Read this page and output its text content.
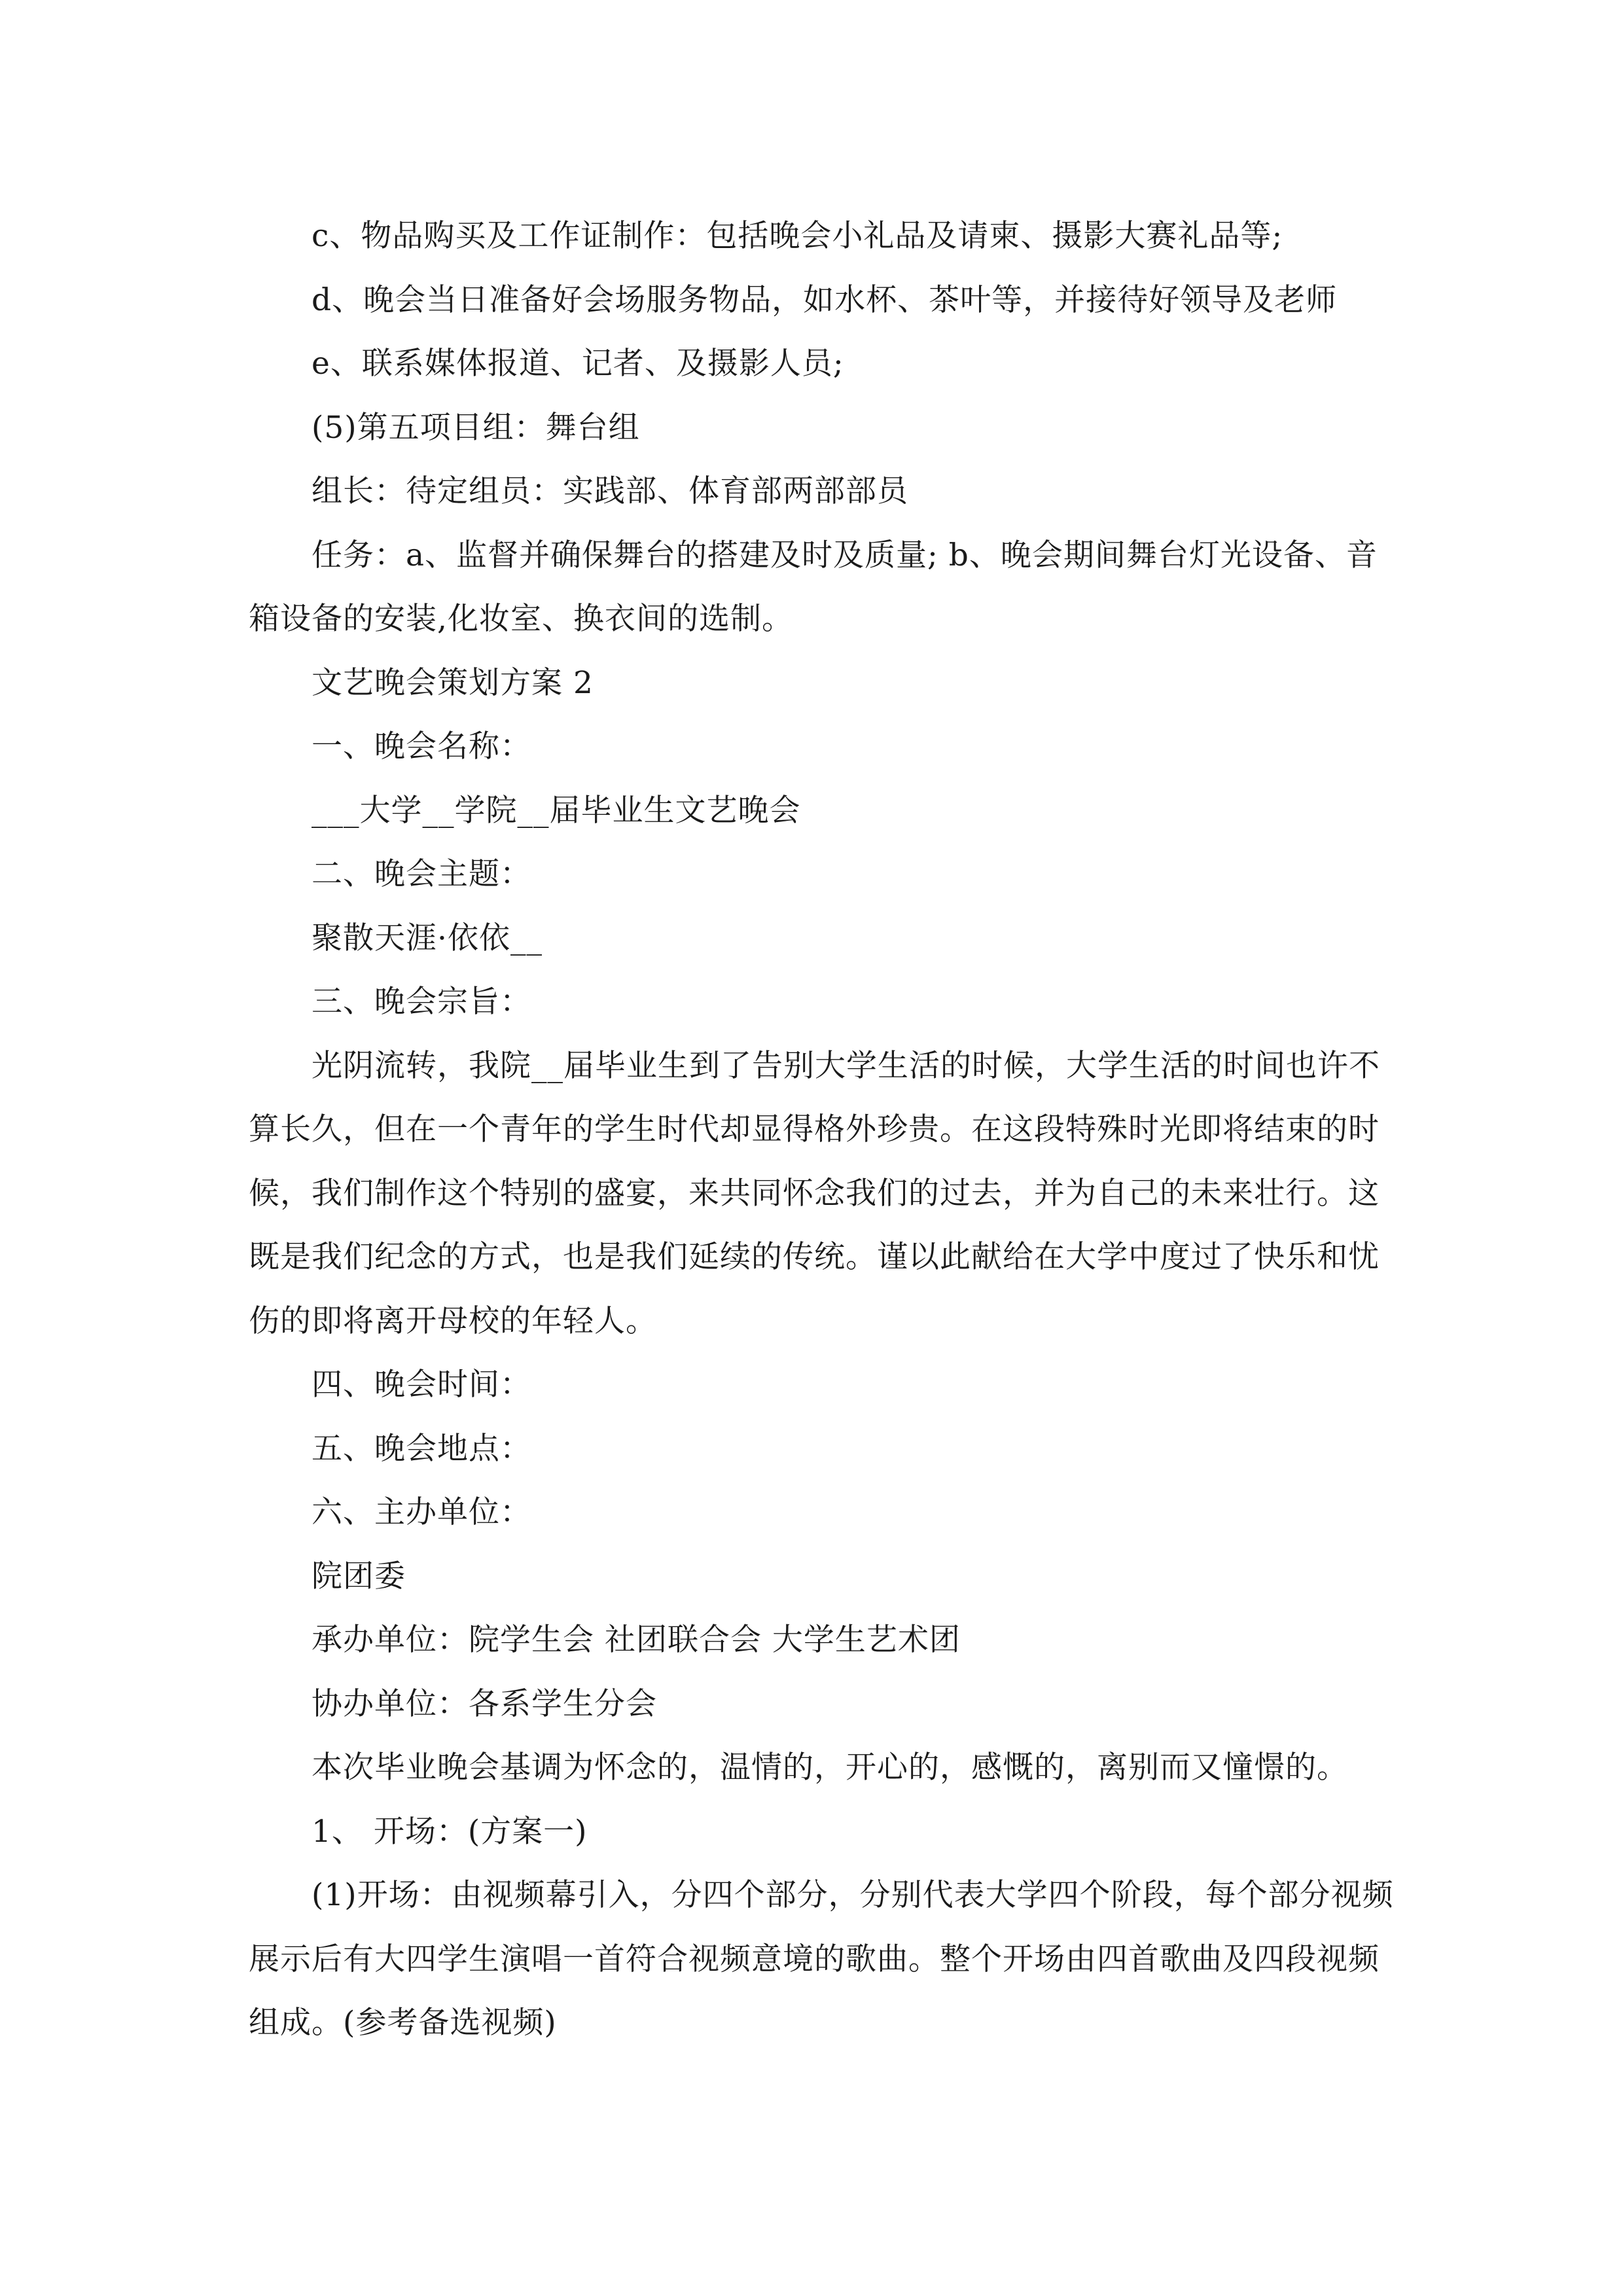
c、物品购买及工作证制作：包括晚会小礼品及请柬、摄影大赛礼品等;

d、晚会当日准备好会场服务物品，如水杯、茶叶等，并接待好领导及老师

e、联系媒体报道、记者、及摄影人员;

(5)第五项目组：舞台组

组长：待定组员：实践部、体育部两部部员

任务：a、监督并确保舞台的搭建及时及质量; b、晚会期间舞台灯光设备、音箱设备的安装,化妆室、换衣间的选制。

文艺晚会策划方案 2

一、晚会名称：

___大学__学院__届毕业生文艺晚会

二、晚会主题：

聚散天涯·依依__

三、晚会宗旨：

光阴流转，我院__届毕业生到了告别大学生活的时候，大学生活的时间也许不算长久，但在一个青年的学生时代却显得格外珍贵。在这段特殊时光即将结束的时候，我们制作这个特别的盛宴，来共同怀念我们的过去，并为自己的未来壮行。这既是我们纪念的方式，也是我们延续的传统。谨以此献给在大学中度过了快乐和忧伤的即将离开母校的年轻人。

四、晚会时间：

五、晚会地点：

六、主办单位：

院团委

承办单位：院学生会 社团联合会 大学生艺术团

协办单位：各系学生分会

本次毕业晚会基调为怀念的，温情的，开心的，感慨的，离别而又憧憬的。

1、 开场：(方案一)

(1)开场：由视频幕引入，分四个部分，分别代表大学四个阶段，每个部分视频展示后有大四学生演唱一首符合视频意境的歌曲。整个开场由四首歌曲及四段视频组成。(参考备选视频)
